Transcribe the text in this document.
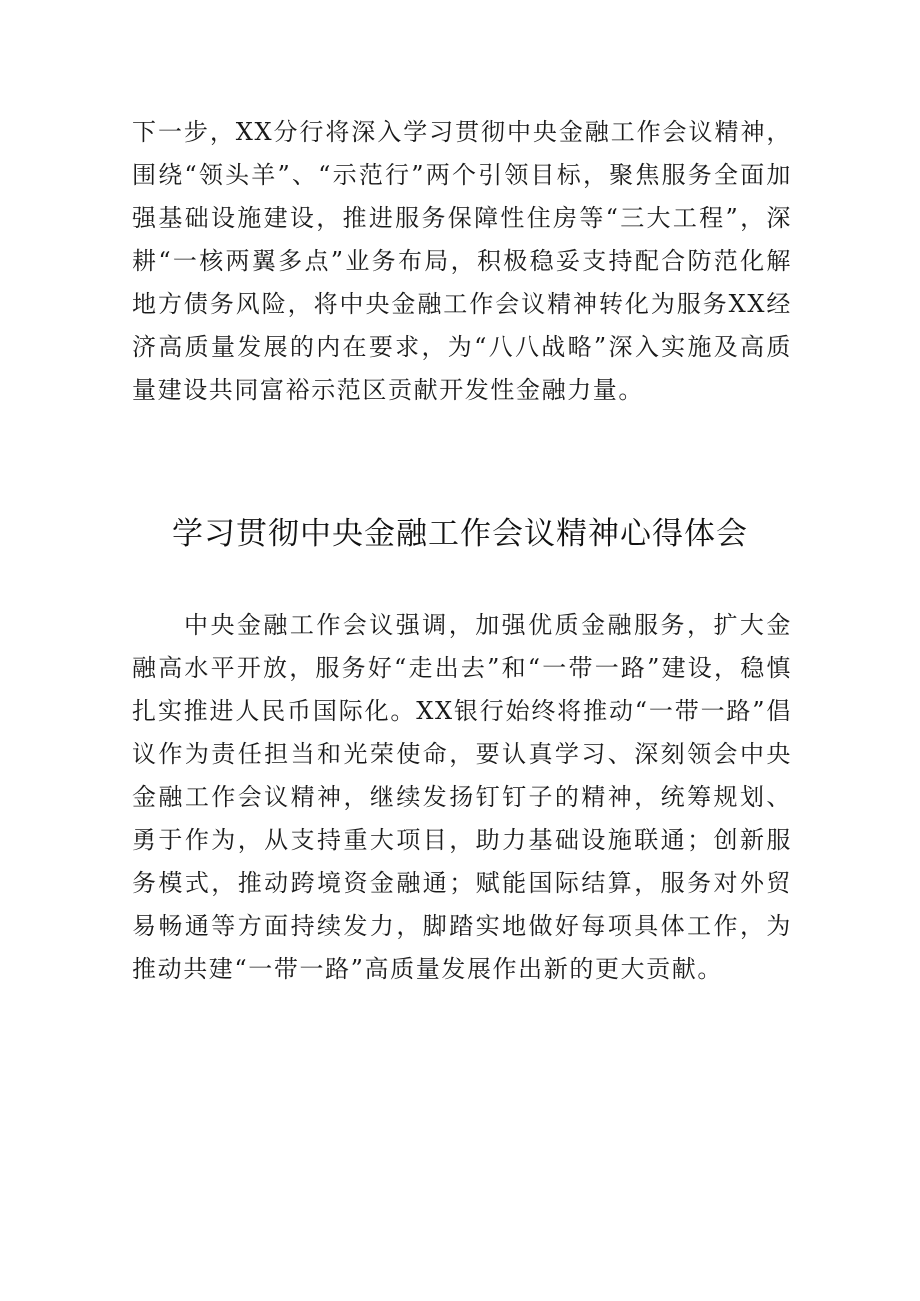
下一步，XX分行将深入学习贯彻中央金融工作会议精神，围绕“领头羊”、“示范行”两个引领目标，聚焦服务全面加强基础设施建设，推进服务保障性住房等“三大工程”，深耕“一核两翼多点”业务布局，积极稳妥支持配合防范化解地方债务风险，将中央金融工作会议精神转化为服务XX经济高质量发展的内在要求，为“八八战略”深入实施及高质量建设共同富裕示范区贡献开发性金融力量。

学习贯彻中央金融工作会议精神心得体会

中央金融工作会议强调，加强优质金融服务，扩大金融高水平开放，服务好“走出去”和“一带一路”建设，稳慎扎实推进人民币国际化。XX银行始终将推动“一带一路”倡议作为责任担当和光荣使命，要认真学习、深刻领会中央金融工作会议精神，继续发扬钉钉子的精神，统筹规划、勇于作为，从支持重大项目，助力基础设施联通；创新服务模式，推动跨境资金融通；赋能国际结算，服务对外贸易畅通等方面持续发力，脚踏实地做好每项具体工作，为推动共建“一带一路”高质量发展作出新的更大贡献。
